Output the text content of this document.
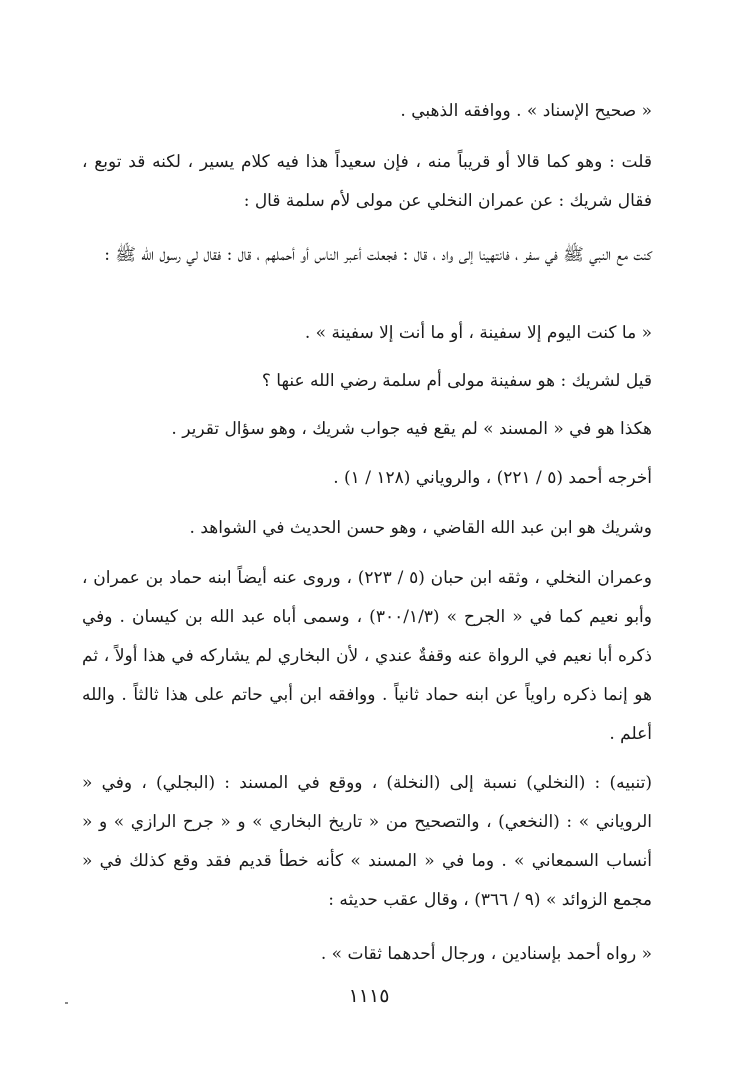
« صحيح الإسناد » . ووافقه الذهبي .

قلت : وهو كما قالا أو قريباً منه ، فإن سعيداً هذا فيه كلام يسير ، لكنه قد توبع ، فقال شريك : عن عمران النخلي عن مولى لأم سلمة قال :

كنت مع النبي ﷺ في سفر ، فانتهينا إلى واد ، قال : فجعلت أعبر الناس أو أحملهم ، قال : فقال لي رسول الله ﷺ :

« ما كنت اليوم إلا سفينة ، أو ما أنت إلا سفينة » .

قيل لشريك : هو سفينة مولى أم سلمة رضي الله عنها ؟

هكذا هو في « المسند » لم يقع فيه جواب شريك ، وهو سؤال تقرير .

أخرجه أحمد (٥ / ٢٢١) ، والروياني (١٢٨ / ١) .

وشريك هو ابن عبد الله القاضي ، وهو حسن الحديث في الشواهد .

وعمران النخلي ، وثقه ابن حبان (٥ / ٢٢٣) ، وروى عنه أيضاً ابنه حماد بن عمران ، وأبو نعيم كما في « الجرح » (٣٠٠/١/٣) ، وسمى أباه عبد الله بن كيسان . وفي ذكره أبا نعيم في الرواة عنه وقفةٌ عندي ، لأن البخاري لم يشاركه في هذا أولاً ، ثم هو إنما ذكره راوياً عن ابنه حماد ثانياً . ووافقه ابن أبي حاتم على هذا ثالثاً . والله أعلم .

(تنبيه) : (النخلي) نسبة إلى (النخلة) ، ووقع في المسند : (البجلي) ، وفي « الروياني » : (النخعي) ، والتصحيح من « تاريخ البخاري » و « جرح الرازي » و « أنساب السمعاني » . وما في « المسند » كأنه خطأ قديم فقد وقع كذلك في « مجمع الزوائد » (٩ / ٣٦٦) ، وقال عقب حديثه :

« رواه أحمد بإسنادين ، ورجال أحدهما ثقات » .

١١١٥
